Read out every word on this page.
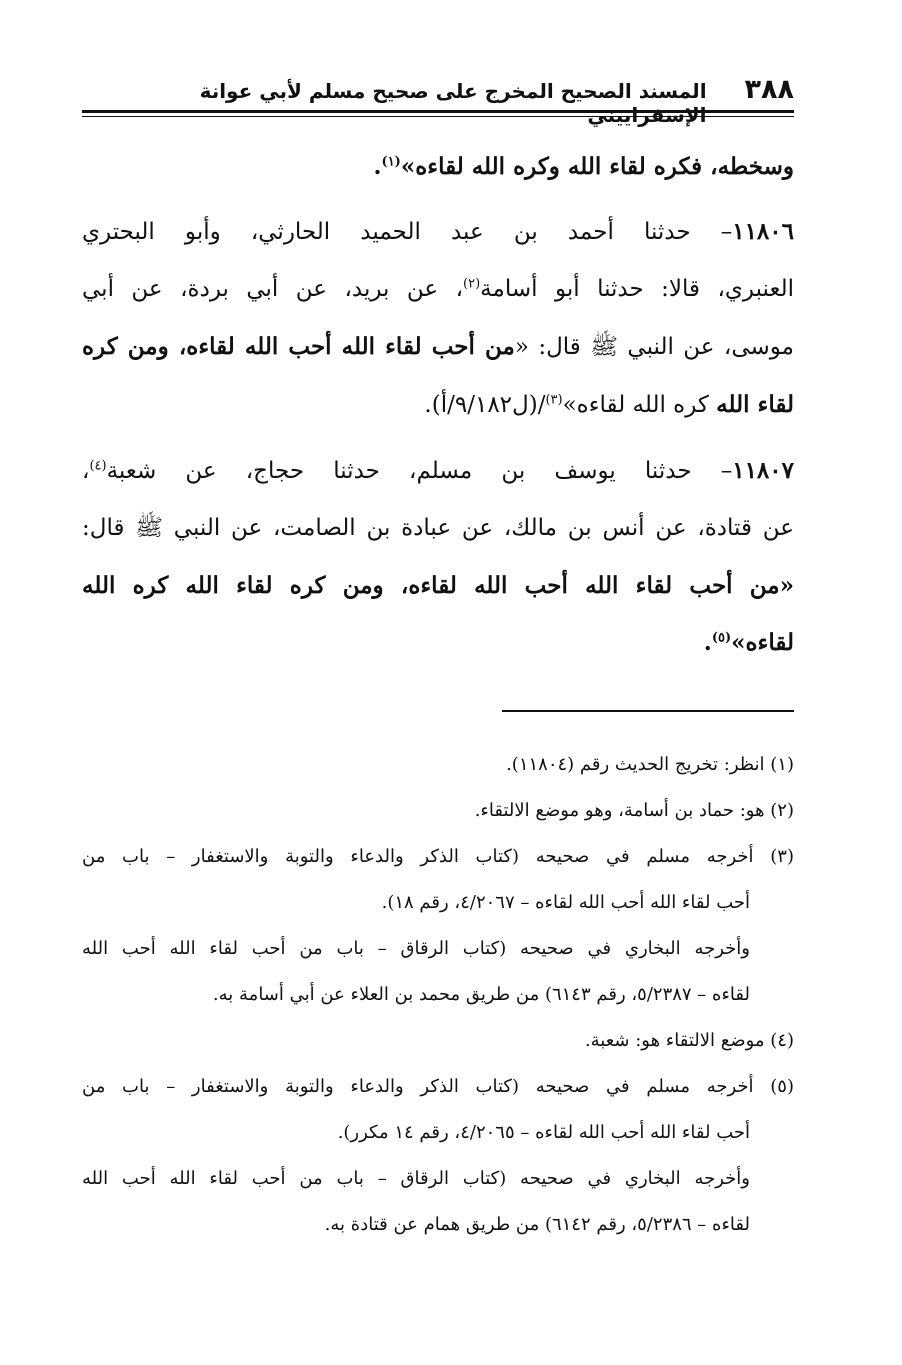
٣٨٨
المسند الصحيح المخرج على صحيح مسلم لأبي عوانة الإسفراييني
وسخطه، فكره لقاء الله وكره الله لقاءه»$^{(١)}$.
١١٨٠٦– حدثنا أحمد بن عبد الحميد الحارثي، وأبو البحتري
العنبري، قالا: حدثنا أبو أسامة$^{(٢)}$، عن بريد، عن أبي بردة، عن أبي
موسى، عن النبي ﷺ قال: «من أحب لقاء الله أحب الله لقاءه، ومن كره
لقاء الله كره الله لقاءه»$^{(٣)}$/(ل٩/١٨٢/أ).
١١٨٠٧– حدثنا يوسف بن مسلم، حدثنا حجاج، عن شعبة$^{(٤)}$،
عن قتادة، عن أنس بن مالك، عن عبادة بن الصامت، عن النبي ﷺ قال:
«من أحب لقاء الله أحب الله لقاءه، ومن كره لقاء الله كره الله
لقاءه»$^{(٥)}$.
(١) انظر: تخريج الحديث رقم (١١٨٠٤).
(٢) هو: حماد بن أسامة، وهو موضع الالتقاء.
(٣) أخرجه مسلم في صحيحه (كتاب الذكر والدعاء والتوبة والاستغفار – باب من
أحب لقاء الله أحب الله لقاءه – ٤/٢٠٦٧، رقم ١٨).
وأخرجه البخاري في صحيحه (كتاب الرقاق – باب من أحب لقاء الله أحب الله
لقاءه – ٥/٢٣٨٧، رقم ٦١٤٣) من طريق محمد بن العلاء عن أبي أسامة به.
(٤) موضع الالتقاء هو: شعبة.
(٥) أخرجه مسلم في صحيحه (كتاب الذكر والدعاء والتوبة والاستغفار – باب من
أحب لقاء الله أحب الله لقاءه – ٤/٢٠٦٥، رقم ١٤ مكرر).
وأخرجه البخاري في صحيحه (كتاب الرقاق – باب من أحب لقاء الله أحب الله
لقاءه – ٥/٢٣٨٦، رقم ٦١٤٢) من طريق همام عن قتادة به.
